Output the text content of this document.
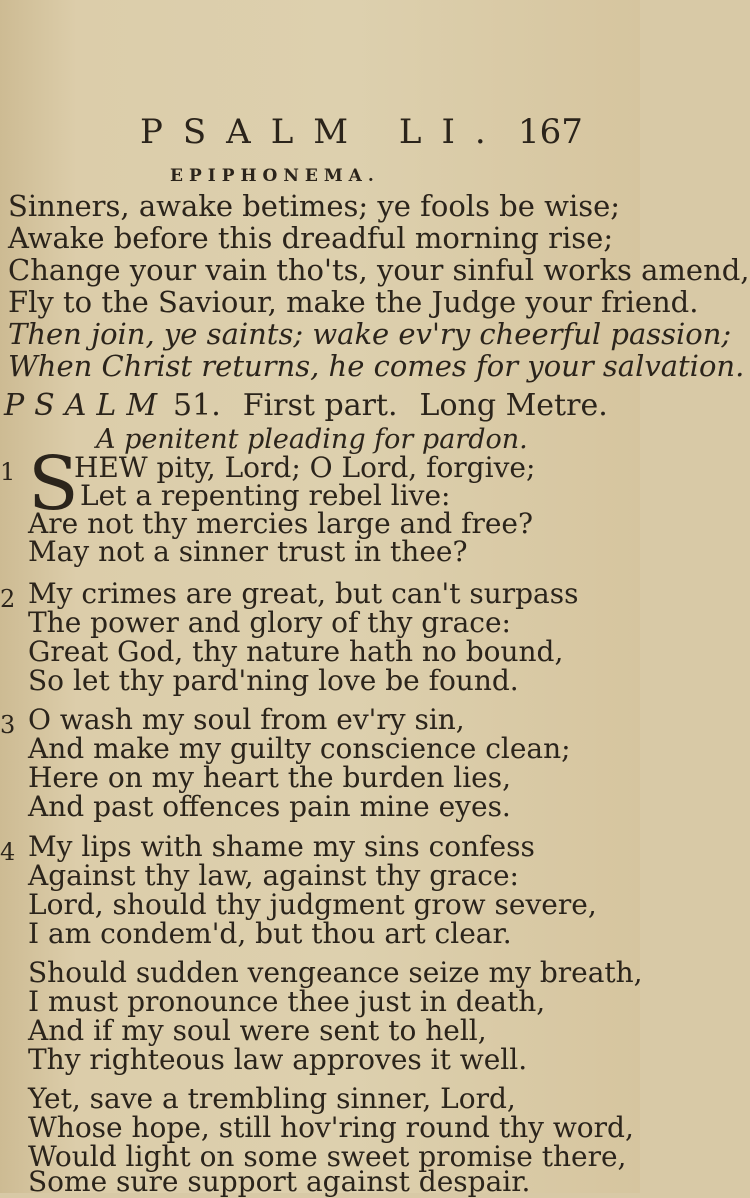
PSALM LI. 167
EPIPHONEMA.
Sinners, awake betimes; ye fools be wise;
Awake before this dreadful morning rise;
Change your vain tho'ts, your sinful works amend,
Fly to the Saviour, make the Judge your friend.
Then join, ye saints; wake ev'ry cheerful passion;
When Christ returns, he comes for your salvation.
PSALM 51. First part. Long Metre.
A penitent pleading for pardon.
1 S
HEW pity, Lord; O Lord, forgive;
Let a repenting rebel live:
Are not thy mercies large and free?
May not a sinner trust in thee?
2 My crimes are great, but can't surpass
The power and glory of thy grace:
Great God, thy nature hath no bound,
So let thy pard'ning love be found.
3 O wash my soul from ev'ry sin,
And make my guilty conscience clean;
Here on my heart the burden lies,
And past offences pain mine eyes.
4 My lips with shame my sins confess
Against thy law, against thy grace:
Lord, should thy judgment grow severe,
I am condem'd, but thou art clear.
Should sudden vengeance seize my breath,
I must pronounce thee just in death,
And if my soul were sent to hell,
Thy righteous law approves it well.
Yet, save a trembling sinner, Lord,
Whose hope, still hov'ring round thy word,
Would light on some sweet promise there,
Some sure support against despair.
